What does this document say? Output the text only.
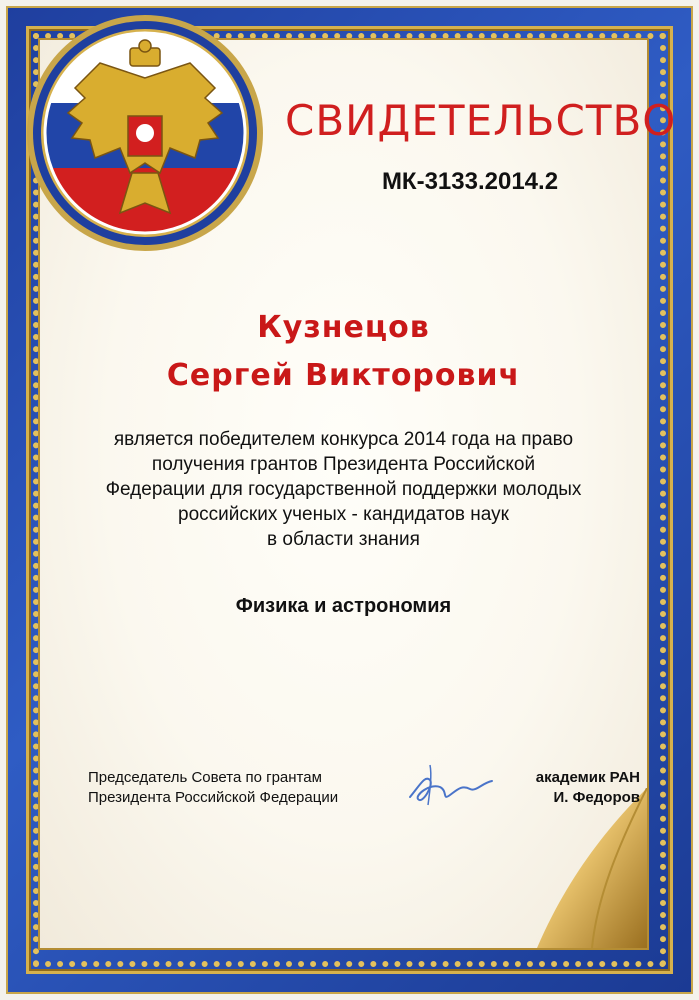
СВИДЕТЕЛЬСТВО
МК-3133.2014.2
Кузнецов
Сергей Викторович
является победителем конкурса 2014 года на право
получения грантов Президента Российской
Федерации для государственной поддержки молодых
российских ученых - кандидатов наук
в области знания
Физика и астрономия
Председатель Совета по грантам
Президента Российской Федерации
академик РАН
И. Федоров
